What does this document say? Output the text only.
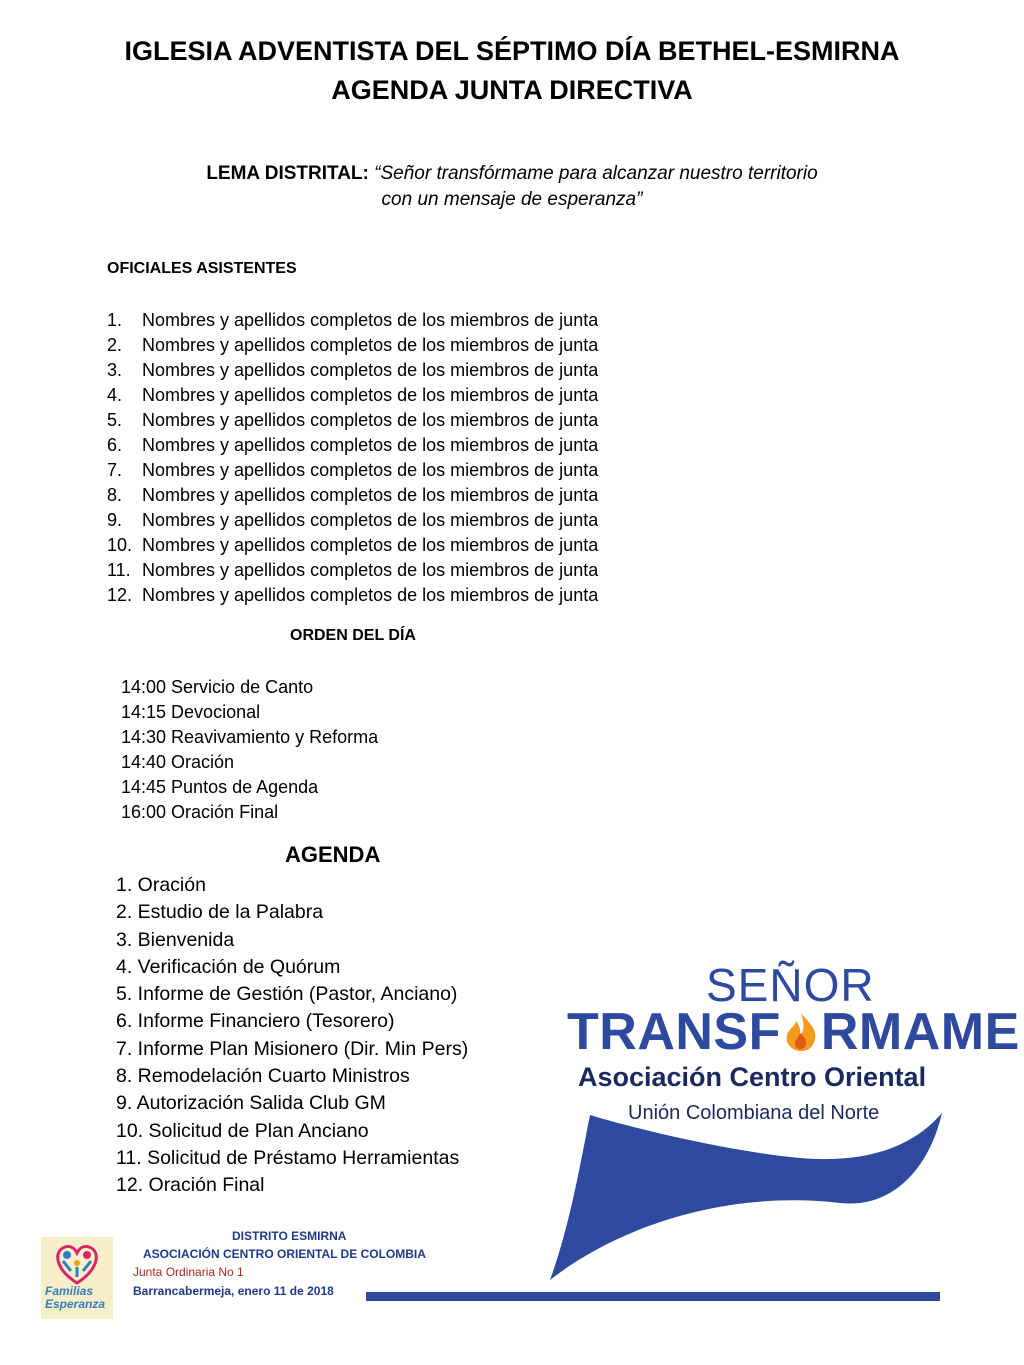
IGLESIA ADVENTISTA DEL SÉPTIMO DÍA BETHEL-ESMIRNA
AGENDA JUNTA DIRECTIVA
LEMA DISTRITAL: “Señor transfórmame para alcanzar nuestro territorio
con un mensaje de esperanza”
OFICIALES ASISTENTES
1.	Nombres y apellidos completos de los miembros de junta
2.	Nombres y apellidos completos de los miembros de junta
3.	Nombres y apellidos completos de los miembros de junta
4.	Nombres y apellidos completos de los miembros de junta
5.	Nombres y apellidos completos de los miembros de junta
6.	Nombres y apellidos completos de los miembros de junta
7.	Nombres y apellidos completos de los miembros de junta
8.	Nombres y apellidos completos de los miembros de junta
9.	Nombres y apellidos completos de los miembros de junta
10. Nombres y apellidos completos de los miembros de junta
11. Nombres y apellidos completos de los miembros de junta
12. Nombres y apellidos completos de los miembros de junta
ORDEN DEL DÍA
14:00 Servicio de Canto
14:15 Devocional
14:30 Reavivamiento y Reforma
14:40 Oración
14:45 Puntos de Agenda
16:00 Oración Final
AGENDA
1. Oración
2. Estudio de la Palabra
3. Bienvenida
4. Verificación de Quórum
5. Informe de Gestión (Pastor, Anciano)
6. Informe Financiero (Tesorero)
7. Informe Plan Misionero (Dir. Min Pers)
8. Remodelación Cuarto Ministros
9. Autorización Salida Club GM
10. Solicitud de Plan Anciano
11. Solicitud de Préstamo Herramientas
12. Oración Final
SEÑOR
TRANSF RMAME
Asociación Centro Oriental
Unión Colombiana del Norte
Familias
Esperanza
DISTRITO ESMIRNA
ASOCIACIÓN CENTRO ORIENTAL DE COLOMBIA
Junta Ordinaria No 1
Barrancabermeja, enero 11 de 2018
